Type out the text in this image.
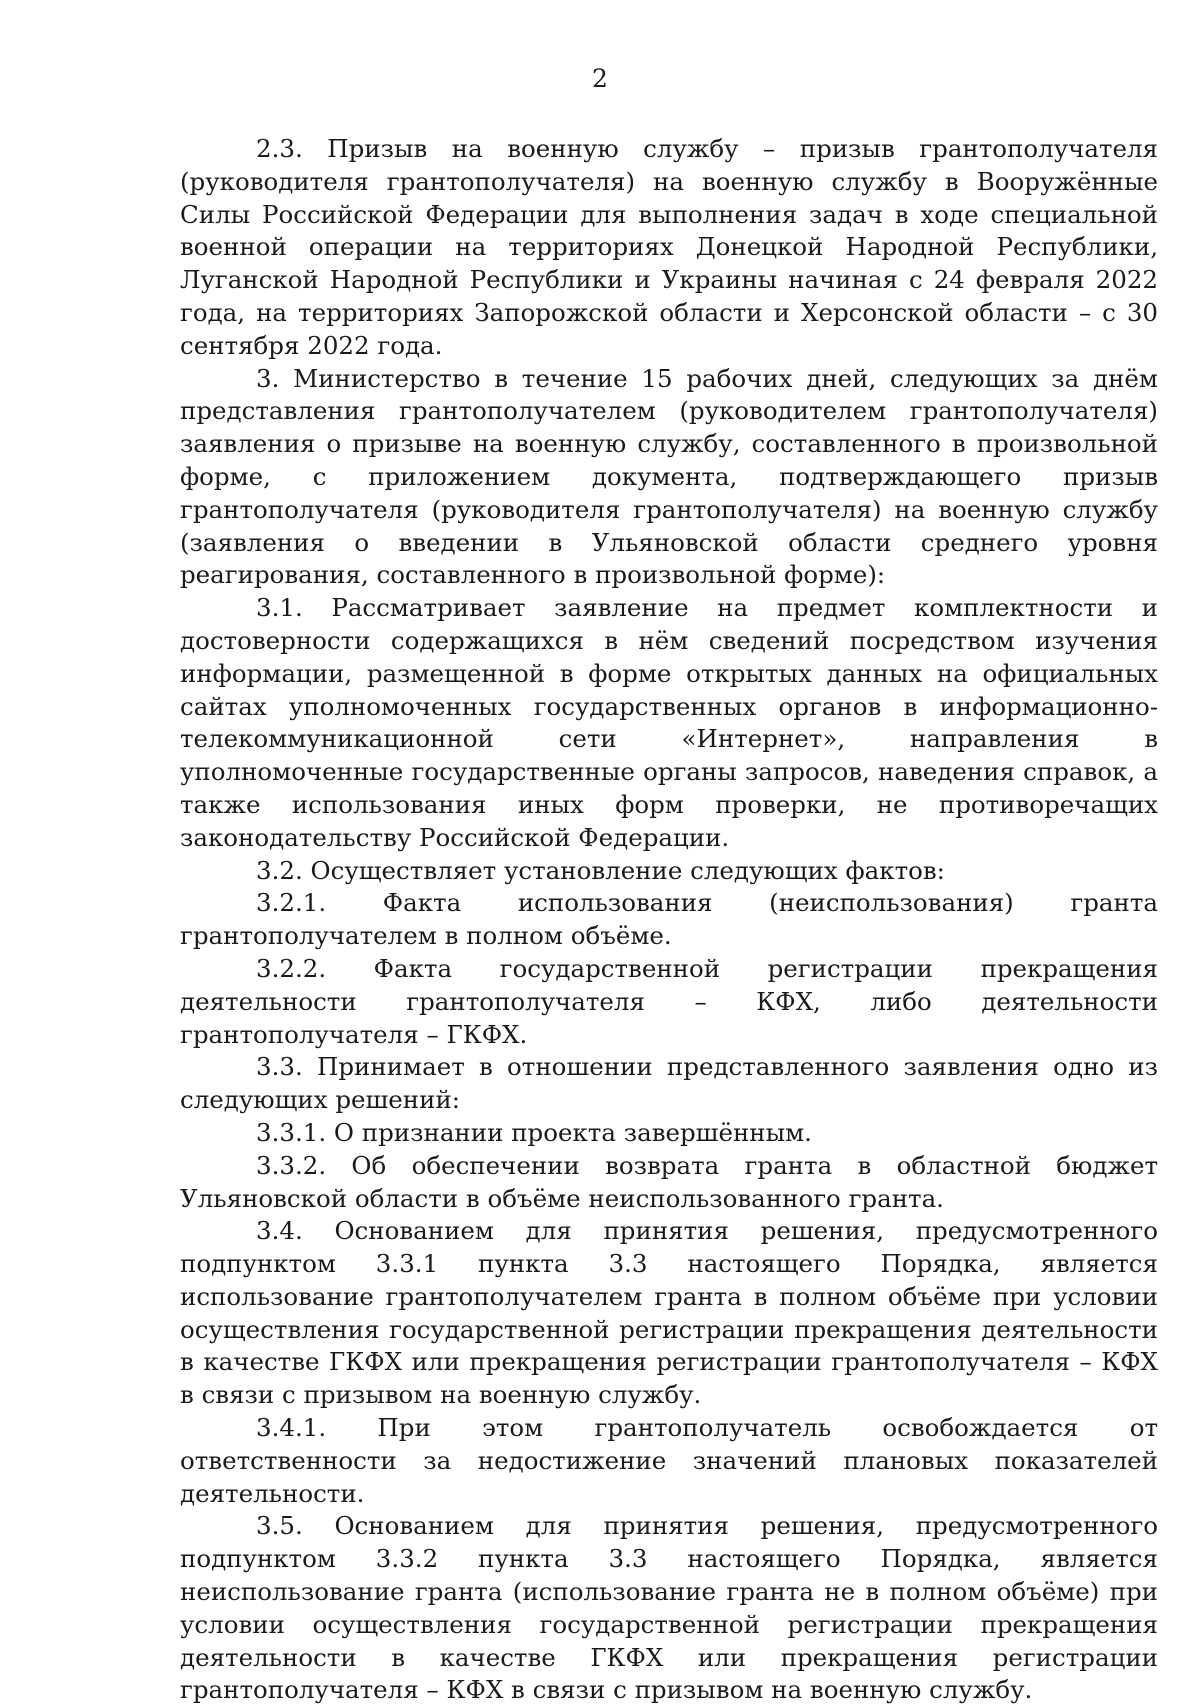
2

2.3. Призыв на военную службу – призыв грантополучателя (руководителя грантополучателя) на военную службу в Вооружённые Силы Российской Федерации для выполнения задач в ходе специальной военной операции на территориях Донецкой Народной Республики, Луганской Народной Республики и Украины начиная с 24 февраля 2022 года, на территориях Запорожской области и Херсонской области – с 30 сентября 2022 года.

3. Министерство в течение 15 рабочих дней, следующих за днём представления грантополучателем (руководителем грантополучателя) заявления о призыве на военную службу, составленного в произвольной форме, с приложением документа, подтверждающего призыв грантополучателя (руководителя грантополучателя) на военную службу (заявления о введении в Ульяновской области среднего уровня реагирования, составленного в произвольной форме):

3.1. Рассматривает заявление на предмет комплектности и достоверности содержащихся в нём сведений посредством изучения информации, размещенной в форме открытых данных на официальных сайтах уполномоченных государственных органов в информационно-телекоммуникационной сети «Интернет», направления в уполномоченные государственные органы запросов, наведения справок, а также использования иных форм проверки, не противоречащих законодательству Российской Федерации.

3.2. Осуществляет установление следующих фактов:

3.2.1. Факта использования (неиспользования) гранта грантополучателем в полном объёме.

3.2.2. Факта государственной регистрации прекращения деятельности грантополучателя – КФХ, либо деятельности грантополучателя – ГКФХ.

3.3. Принимает в отношении представленного заявления одно из следующих решений:

3.3.1. О признании проекта завершённым.

3.3.2. Об обеспечении возврата гранта в областной бюджет Ульяновской области в объёме неиспользованного гранта.

3.4. Основанием для принятия решения, предусмотренного подпунктом 3.3.1 пункта 3.3 настоящего Порядка, является использование грантополучателем гранта в полном объёме при условии осуществления государственной регистрации прекращения деятельности в качестве ГКФХ или прекращения регистрации грантополучателя – КФХ в связи с призывом на военную службу.

3.4.1. При этом грантополучатель освобождается от ответственности за недостижение значений плановых показателей деятельности.

3.5. Основанием для принятия решения, предусмотренного подпунктом 3.3.2 пункта 3.3 настоящего Порядка, является неиспользование гранта (использование гранта не в полном объёме) при условии осуществления государственной регистрации прекращения деятельности в качестве ГКФХ или прекращения регистрации грантополучателя – КФХ в связи с призывом на военную службу.
